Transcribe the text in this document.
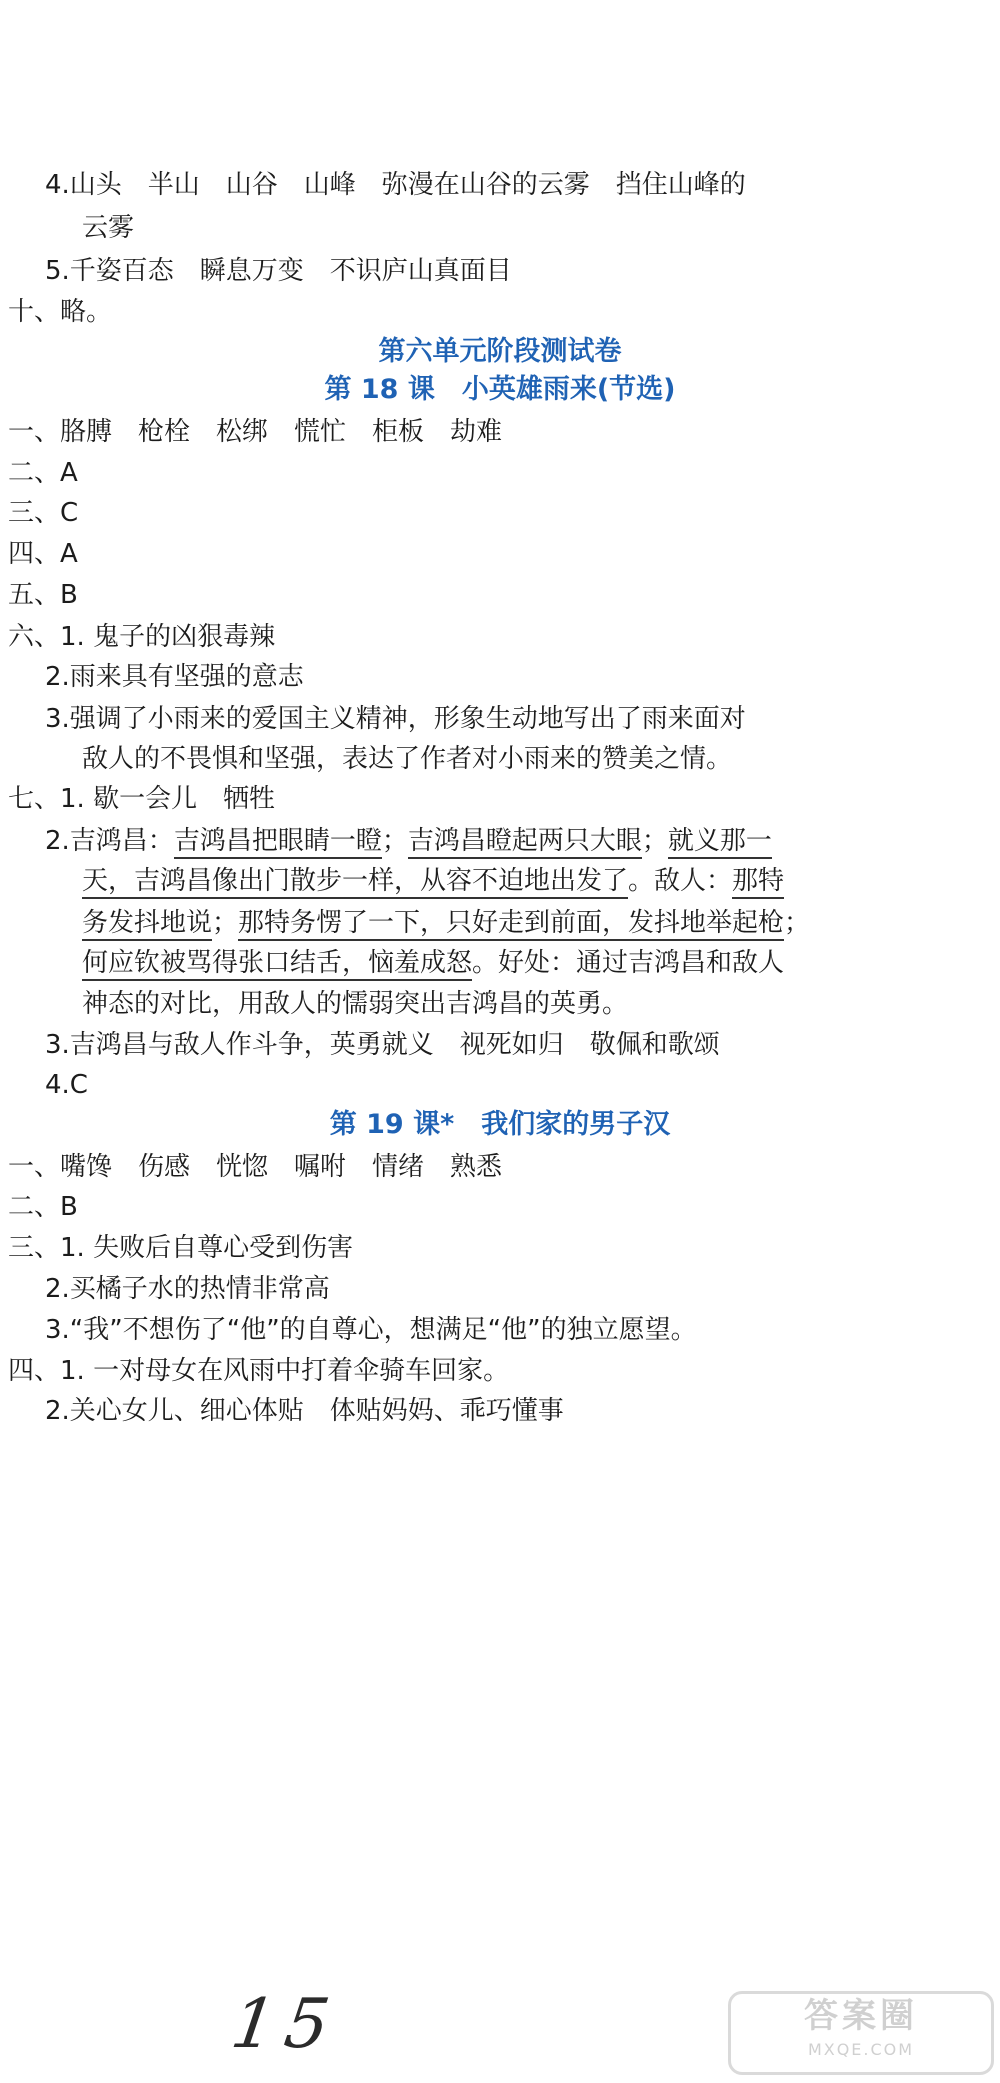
4.山头　半山　山谷　山峰　弥漫在山谷的云雾　挡住山峰的
云雾
5.千姿百态　瞬息万变　不识庐山真面目
十、略。
第六单元阶段测试卷
第 18 课　小英雄雨来(节选)
一、胳膊　枪栓　松绑　慌忙　柜板　劫难
二、A
三、C
四、A
五、B
六、1. 鬼子的凶狠毒辣
2.雨来具有坚强的意志
3.强调了小雨来的爱国主义精神，形象生动地写出了雨来面对
敌人的不畏惧和坚强，表达了作者对小雨来的赞美之情。
七、1. 歇一会儿　牺牲
2.吉鸿昌：吉鸿昌把眼睛一瞪；吉鸿昌瞪起两只大眼；就义那一
天，吉鸿昌像出门散步一样，从容不迫地出发了。敌人：那特
务发抖地说；那特务愣了一下，只好走到前面，发抖地举起枪；
何应钦被骂得张口结舌，恼羞成怒。好处：通过吉鸿昌和敌人
神态的对比，用敌人的懦弱突出吉鸿昌的英勇。
3.吉鸿昌与敌人作斗争，英勇就义　视死如归　敬佩和歌颂
4.C
第 19 课*　我们家的男子汉
一、嘴馋　伤感　恍惚　嘱咐　情绪　熟悉
二、B
三、1. 失败后自尊心受到伤害
2.买橘子水的热情非常高
3.“我”不想伤了“他”的自尊心，想满足“他”的独立愿望。
四、1. 一对母女在风雨中打着伞骑车回家。
2.关心女儿、细心体贴　体贴妈妈、乖巧懂事
15	答案圈
MXQE.COM
